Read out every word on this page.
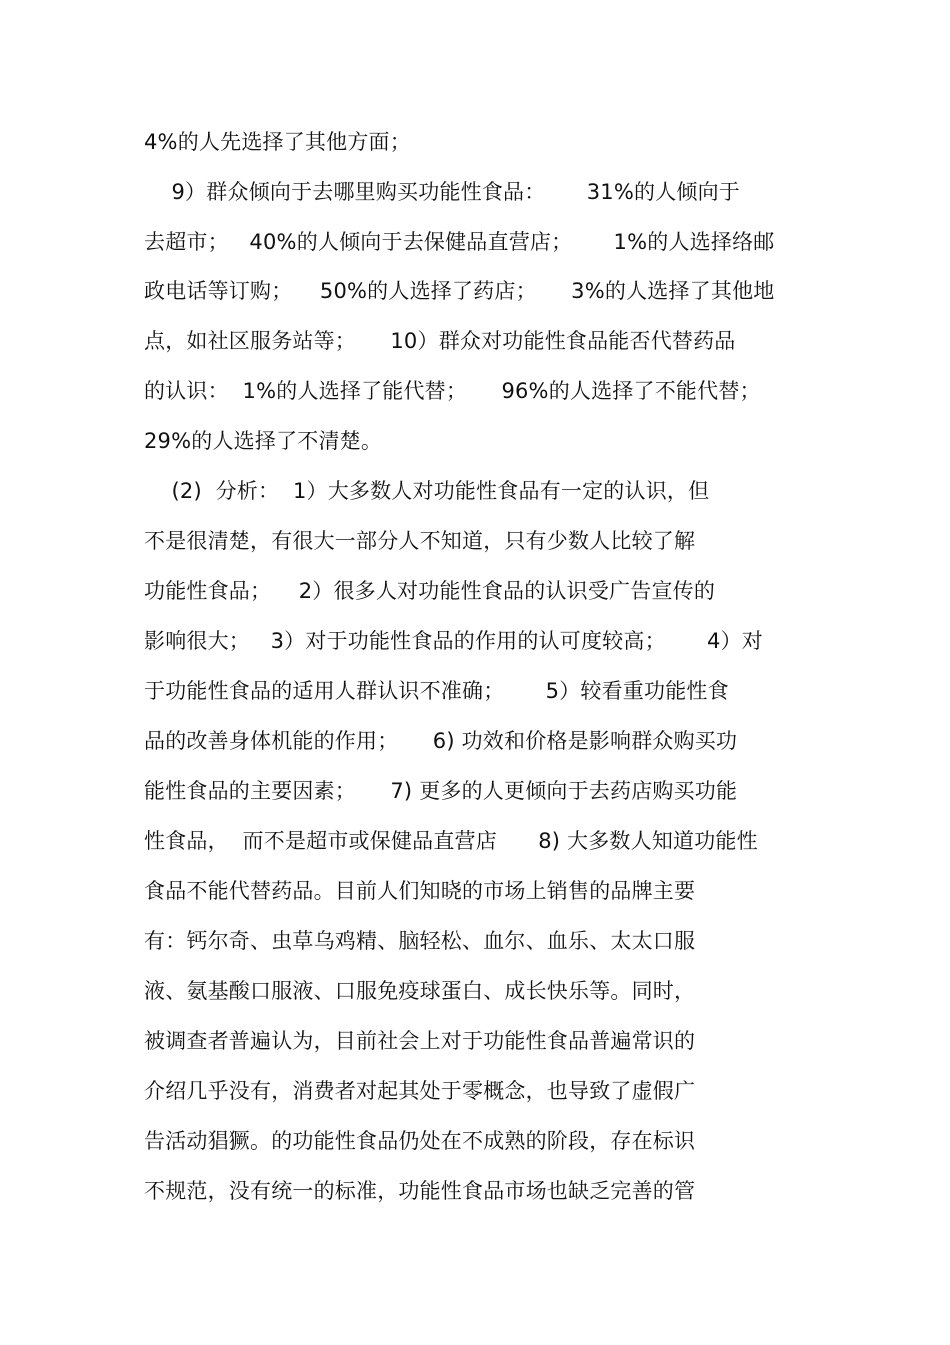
4%的人先选择了其他方面；
9）群众倾向于去哪里购买功能性食品：      31%的人倾向于
去超市；   40%的人倾向于去保健品直营店；      1%的人选择络邮
政电话等订购；    50%的人选择了药店；     3%的人选择了其他地
点，如社区服务站等；     10）群众对功能性食品能否代替药品
的认识：  1%的人选择了能代替；     96%的人选择了不能代替；
29%的人选择了不清楚。
(2)  分析：  1）大多数人对功能性食品有一定的认识，但
不是很清楚，有很大一部分人不知道，只有少数人比较了解
功能性食品；    2）很多人对功能性食品的认识受广告宣传的
影响很大；   3）对于功能性食品的作用的认可度较高；      4）对
于功能性食品的适用人群认识不准确；      5）较看重功能性食
品的改善身体机能的作用；     6) 功效和价格是影响群众购买功
能性食品的主要因素；     7) 更多的人更倾向于去药店购买功能
性食品，  而不是超市或保健品直营店      8) 大多数人知道功能性
食品不能代替药品。目前人们知晓的市场上销售的品牌主要
有：钙尔奇、虫草乌鸡精、脑轻松、血尔、血乐、太太口服
液、氨基酸口服液、口服免疫球蛋白、成长快乐等。同时，
被调查者普遍认为，目前社会上对于功能性食品普遍常识的
介绍几乎没有，消费者对起其处于零概念，也导致了虚假广
告活动猖獗。的功能性食品仍处在不成熟的阶段，存在标识
不规范，没有统一的标准，功能性食品市场也缺乏完善的管
